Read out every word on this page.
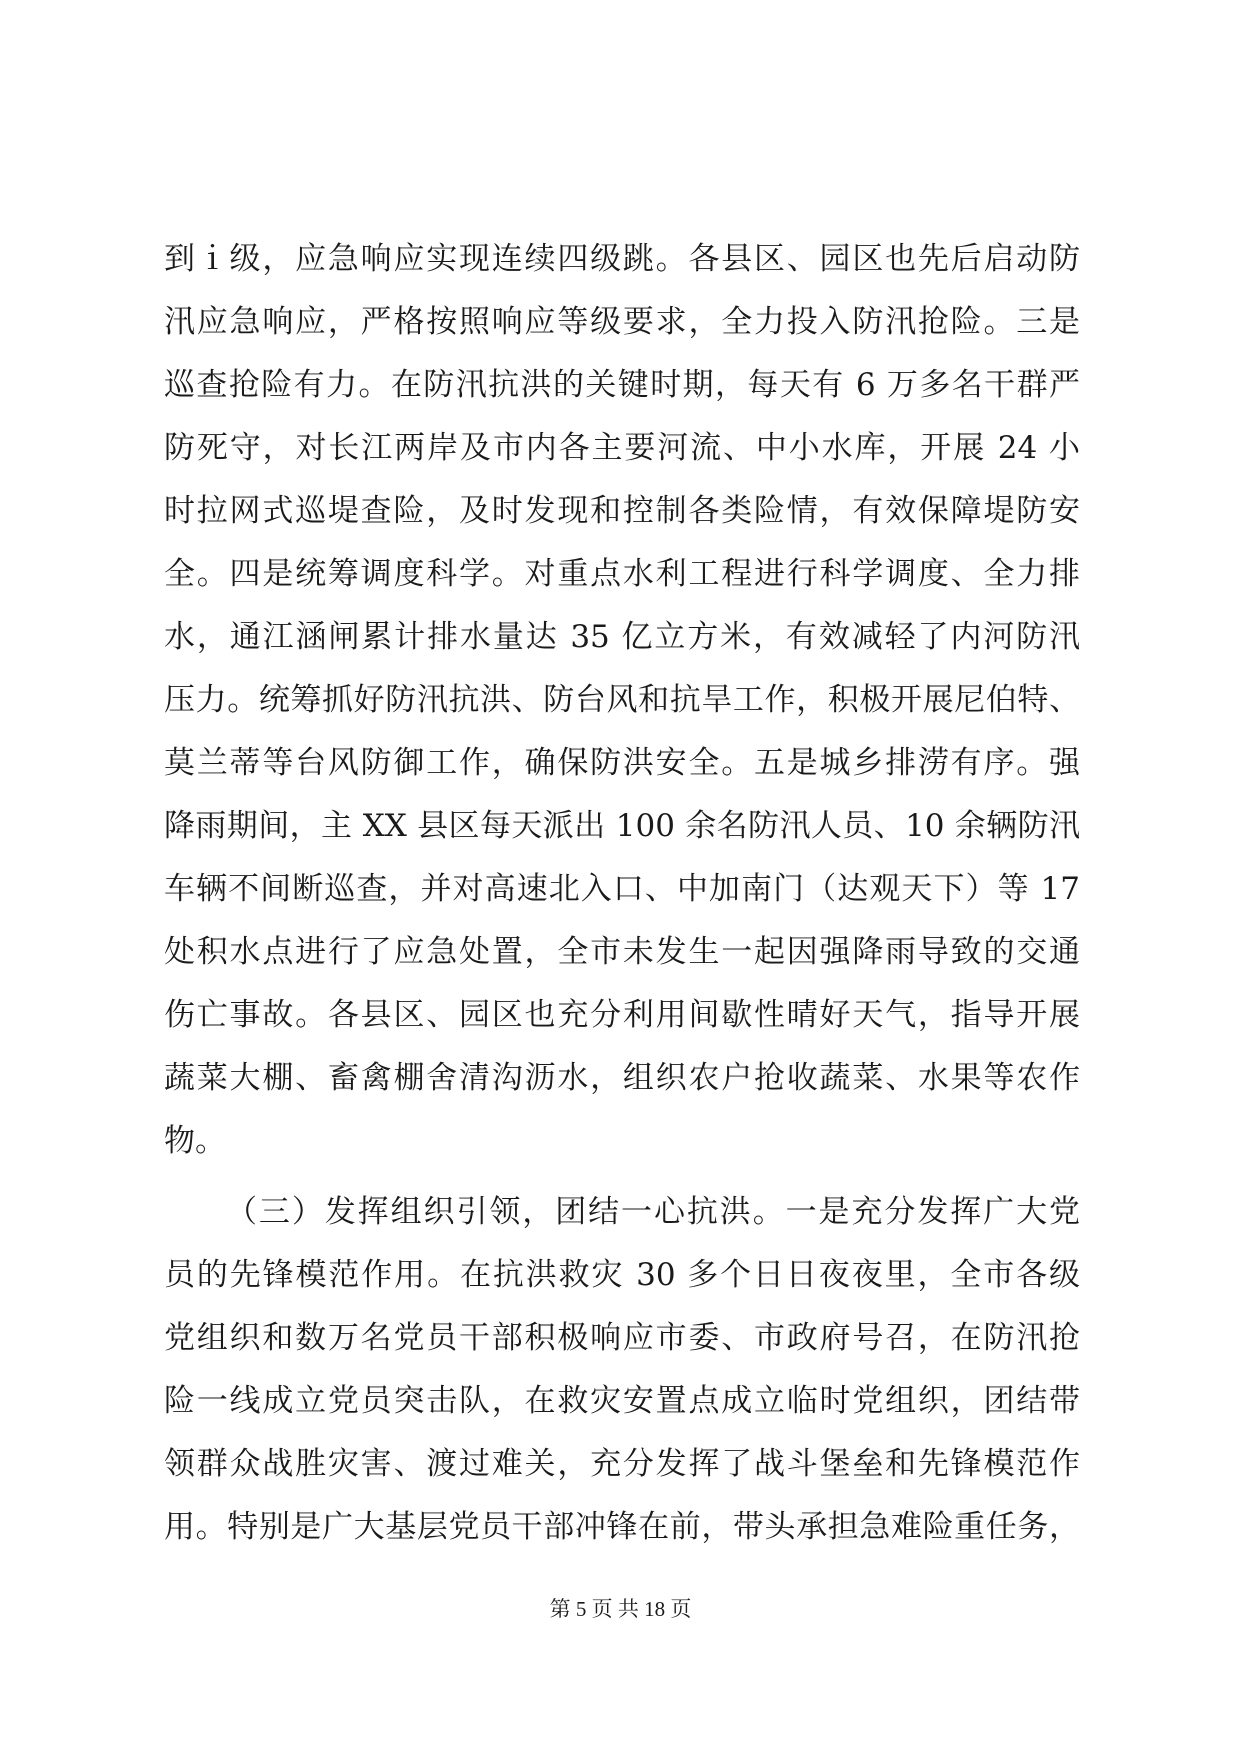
到ｉ级，应急响应实现连续四级跳。各县区、园区也先后启动防
汛应急响应，严格按照响应等级要求，全力投入防汛抢险。三是
巡查抢险有力。在防汛抗洪的关键时期，每天有 6 万多名干群严
防死守，对长江两岸及市内各主要河流、中小水库，开展 24 小
时拉网式巡堤查险，及时发现和控制各类险情，有效保障堤防安
全。四是统筹调度科学。对重点水利工程进行科学调度、全力排
水，通江涵闸累计排水量达 35 亿立方米，有效减轻了内河防汛
压力。统筹抓好防汛抗洪、防台风和抗旱工作，积极开展尼伯特、
莫兰蒂等台风防御工作，确保防洪安全。五是城乡排涝有序。强
降雨期间，主 XX 县区每天派出 100 余名防汛人员、10 余辆防汛
车辆不间断巡查，并对高速北入口、中加南门（达观天下）等 17
处积水点进行了应急处置，全市未发生一起因强降雨导致的交通
伤亡事故。各县区、园区也充分利用间歇性晴好天气，指导开展
蔬菜大棚、畜禽棚舍清沟沥水，组织农户抢收蔬菜、水果等农作
物。
（三）发挥组织引领，团结一心抗洪。一是充分发挥广大党
员的先锋模范作用。在抗洪救灾 30 多个日日夜夜里，全市各级
党组织和数万名党员干部积极响应市委、市政府号召，在防汛抢
险一线成立党员突击队，在救灾安置点成立临时党组织，团结带
领群众战胜灾害、渡过难关，充分发挥了战斗堡垒和先锋模范作
用。特别是广大基层党员干部冲锋在前，带头承担急难险重任务，
第 5 页 共 18 页
